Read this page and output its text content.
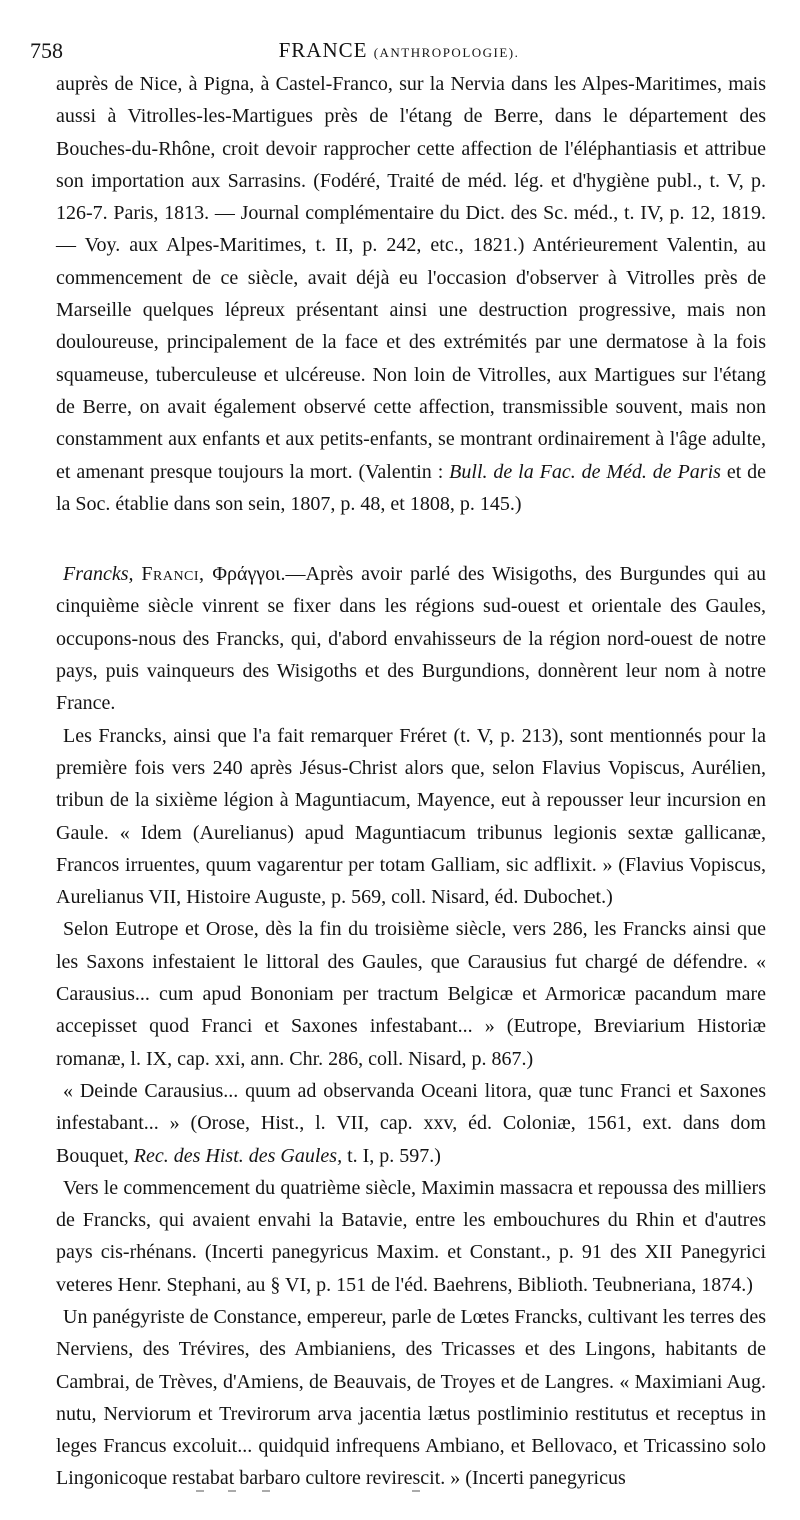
758	FRANCE (ANTHROPOLOGIE).

auprès de Nice, à Pigna, à Castel-Franco, sur la Nervia dans les Alpes-Maritimes, mais aussi à Vitrolles-les-Martigues près de l'étang de Berre, dans le département des Bouches-du-Rhône, croit devoir rapprocher cette affection de l'éléphantiasis et attribue son importation aux Sarrasins. (Fodéré, Traité de méd. lég. et d'hygiène publ., t. V, p. 126-7. Paris, 1813. — Journal complémentaire du Dict. des Sc. méd., t. IV, p. 12, 1819. — Voy. aux Alpes-Maritimes, t. II, p. 242, etc., 1821.) Antérieurement Valentin, au commencement de ce siècle, avait déjà eu l'occasion d'observer à Vitrolles près de Marseille quelques lépreux présentant ainsi une destruction progressive, mais non douloureuse, principalement de la face et des extrémités par une dermatose à la fois squameuse, tuberculeuse et ulcéreuse. Non loin de Vitrolles, aux Martigues sur l'étang de Berre, on avait également observé cette affection, transmissible souvent, mais non constamment aux enfants et aux petits-enfants, se montrant ordinairement à l'âge adulte, et amenant presque toujours la mort. (Valentin : Bull. de la Fac. de Méd. de Paris et de la Soc. établie dans son sein, 1807, p. 48, et 1808, p. 145.)

Francks, Franci, Φράγγοι.—Après avoir parlé des Wisigoths, des Burgundes qui au cinquième siècle vinrent se fixer dans les régions sud-ouest et orientale des Gaules, occupons-nous des Francks, qui, d'abord envahisseurs de la région nord-ouest de notre pays, puis vainqueurs des Wisigoths et des Burgundions, donnèrent leur nom à notre France.

Les Francks, ainsi que l'a fait remarquer Fréret (t. V, p. 213), sont mentionnés pour la première fois vers 240 après Jésus-Christ alors que, selon Flavius Vopiscus, Aurélien, tribun de la sixième légion à Maguntiacum, Mayence, eut à repousser leur incursion en Gaule. « Idem (Aurelianus) apud Maguntiacum tribunus legionis sextæ gallicanæ, Francos irruentes, quum vagarentur per totam Galliam, sic adflixit. » (Flavius Vopiscus, Aurelianus VII, Histoire Auguste, p. 569, coll. Nisard, éd. Dubochet.)

Selon Eutrope et Orose, dès la fin du troisième siècle, vers 286, les Francks ainsi que les Saxons infestaient le littoral des Gaules, que Carausius fut chargé de défendre. « Carausius... cum apud Bononiam per tractum Belgicæ et Armoricæ pacandum mare accepisset quod Franci et Saxones infestabant... » (Eutrope, Breviarium Historiæ romanæ, l. IX, cap. xxi, ann. Chr. 286, coll. Nisard, p. 867.)

« Deinde Carausius... quum ad observanda Oceani litora, quæ tunc Franci et Saxones infestabant... » (Orose, Hist., l. VII, cap. xxv, éd. Coloniæ, 1561, ext. dans dom Bouquet, Rec. des Hist. des Gaules, t. I, p. 597.)

Vers le commencement du quatrième siècle, Maximin massacra et repoussa des milliers de Francks, qui avaient envahi la Batavie, entre les embouchures du Rhin et d'autres pays cis-rhénans. (Incerti panegyricus Maxim. et Constant., p. 91 des XII Panegyrici veteres Henr. Stephani, au § VI, p. 151 de l'éd. Baehrens, Biblioth. Teubneriana, 1874.)

Un panégyriste de Constance, empereur, parle de Lœtes Francks, cultivant les terres des Nerviens, des Trévires, des Ambianiens, des Tricasses et des Lingons, habitants de Cambrai, de Trèves, d'Amiens, de Beauvais, de Troyes et de Langres. « Maximiani Aug. nutu, Nerviorum et Trevirorum arva jacentia lætus postliminio restitutus et receptus in leges Francus excoluit... quidquid infrequens Ambiano, et Bellovaco, et Tricassino solo Lingonicoque restabat barbaro cultore revirescit. » (Incerti panegyricus
